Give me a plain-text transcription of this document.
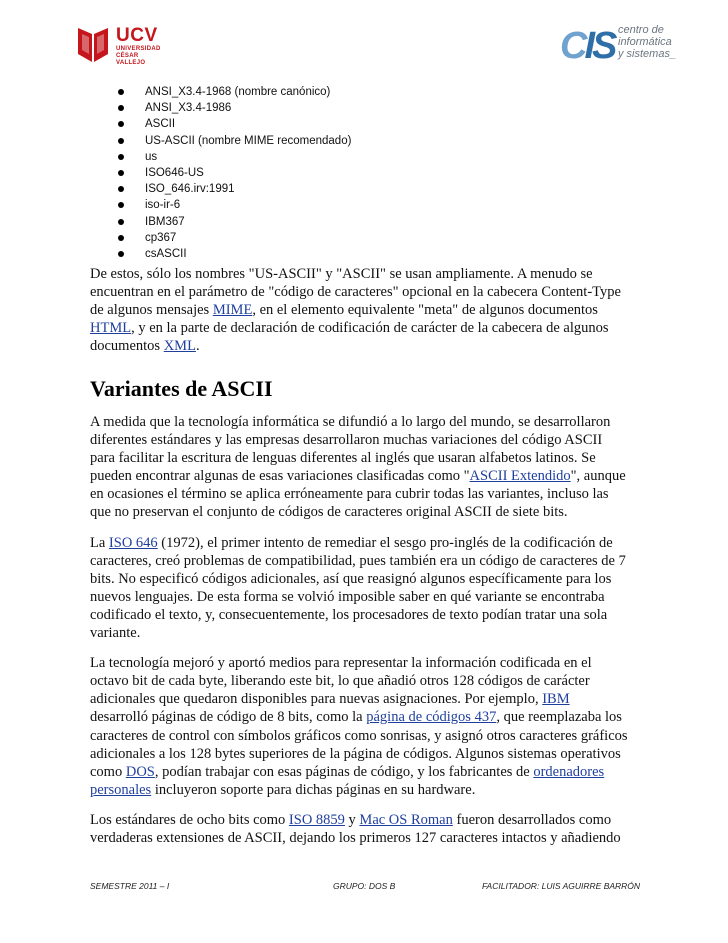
UCV
UNIVERSIDAD
CÉSAR VALLEJO	CIS centro de
informática
y sistemas_
ANSI_X3.4-1968 (nombre canónico)
ANSI_X3.4-1986
ASCII
US-ASCII (nombre MIME recomendado)
us
ISO646-US
ISO_646.irv:1991
iso-ir-6
IBM367
cp367
csASCII

De estos, sólo los nombres "US-ASCII" y "ASCII" se usan ampliamente. A menudo se encuentran en el parámetro de "código de caracteres" opcional en la cabecera Content-Type de algunos mensajes MIME, en el elemento equivalente "meta" de algunos documentos HTML, y en la parte de declaración de codificación de carácter de la cabecera de algunos documentos XML.

Variantes de ASCII

A medida que la tecnología informática se difundió a lo largo del mundo, se desarrollaron diferentes estándares y las empresas desarrollaron muchas variaciones del código ASCII para facilitar la escritura de lenguas diferentes al inglés que usaran alfabetos latinos. Se pueden encontrar algunas de esas variaciones clasificadas como "ASCII Extendido", aunque en ocasiones el término se aplica erróneamente para cubrir todas las variantes, incluso las que no preservan el conjunto de códigos de caracteres original ASCII de siete bits.

La ISO 646 (1972), el primer intento de remediar el sesgo pro-inglés de la codificación de caracteres, creó problemas de compatibilidad, pues también era un código de caracteres de 7 bits. No especificó códigos adicionales, así que reasignó algunos específicamente para los nuevos lenguajes. De esta forma se volvió imposible saber en qué variante se encontraba codificado el texto, y, consecuentemente, los procesadores de texto podían tratar una sola variante.

La tecnología mejoró y aportó medios para representar la información codificada en el octavo bit de cada byte, liberando este bit, lo que añadió otros 128 códigos de carácter adicionales que quedaron disponibles para nuevas asignaciones. Por ejemplo, IBM desarrolló páginas de código de 8 bits, como la página de códigos 437, que reemplazaba los caracteres de control con símbolos gráficos como sonrisas, y asignó otros caracteres gráficos adicionales a los 128 bytes superiores de la página de códigos. Algunos sistemas operativos como DOS, podían trabajar con esas páginas de código, y los fabricantes de ordenadores personales incluyeron soporte para dichas páginas en su hardware.

Los estándares de ocho bits como ISO 8859 y Mac OS Roman fueron desarrollados como verdaderas extensiones de ASCII, dejando los primeros 127 caracteres intactos y añadiendo

SEMESTRE 2011 – I	GRUPO: DOS B	FACILITADOR: LUIS AGUIRRE BARRÓN
